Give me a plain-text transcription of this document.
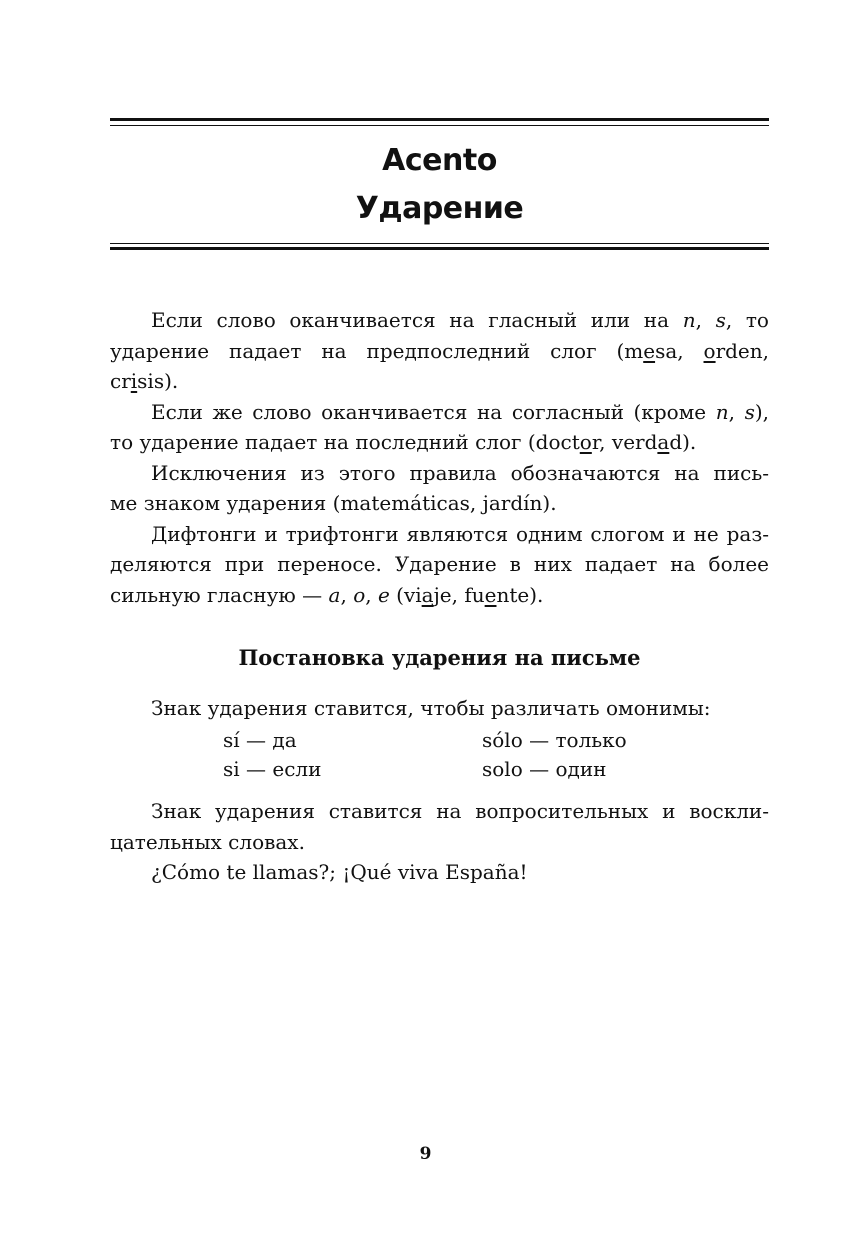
Acento
Ударение

Если слово оканчивается на гласный или на n, s, то
ударение падает на предпоследний слог (mesa, orden,
crisis).

Если же слово оканчивается на согласный (кроме n, s),
то ударение падает на последний слог (doctor, verdad).

Исключения из этого правила обозначаются на пись-
ме знаком ударения (matemáticas, jardín).

Дифтонги и трифтонги являются одним слогом и не раз-
деляются при переносе. Ударение в них падает на более
сильную гласную — a, o, e (viaje, fuente).

Постановка ударения на письме

Знак ударения ставится, чтобы различать омонимы:

sí — да	sólo — только
si — если	solo — один

Знак ударения ставится на вопросительных и воскли-
цательных словах.

¿Cómo te llamas?; ¡Qué viva España!

9
